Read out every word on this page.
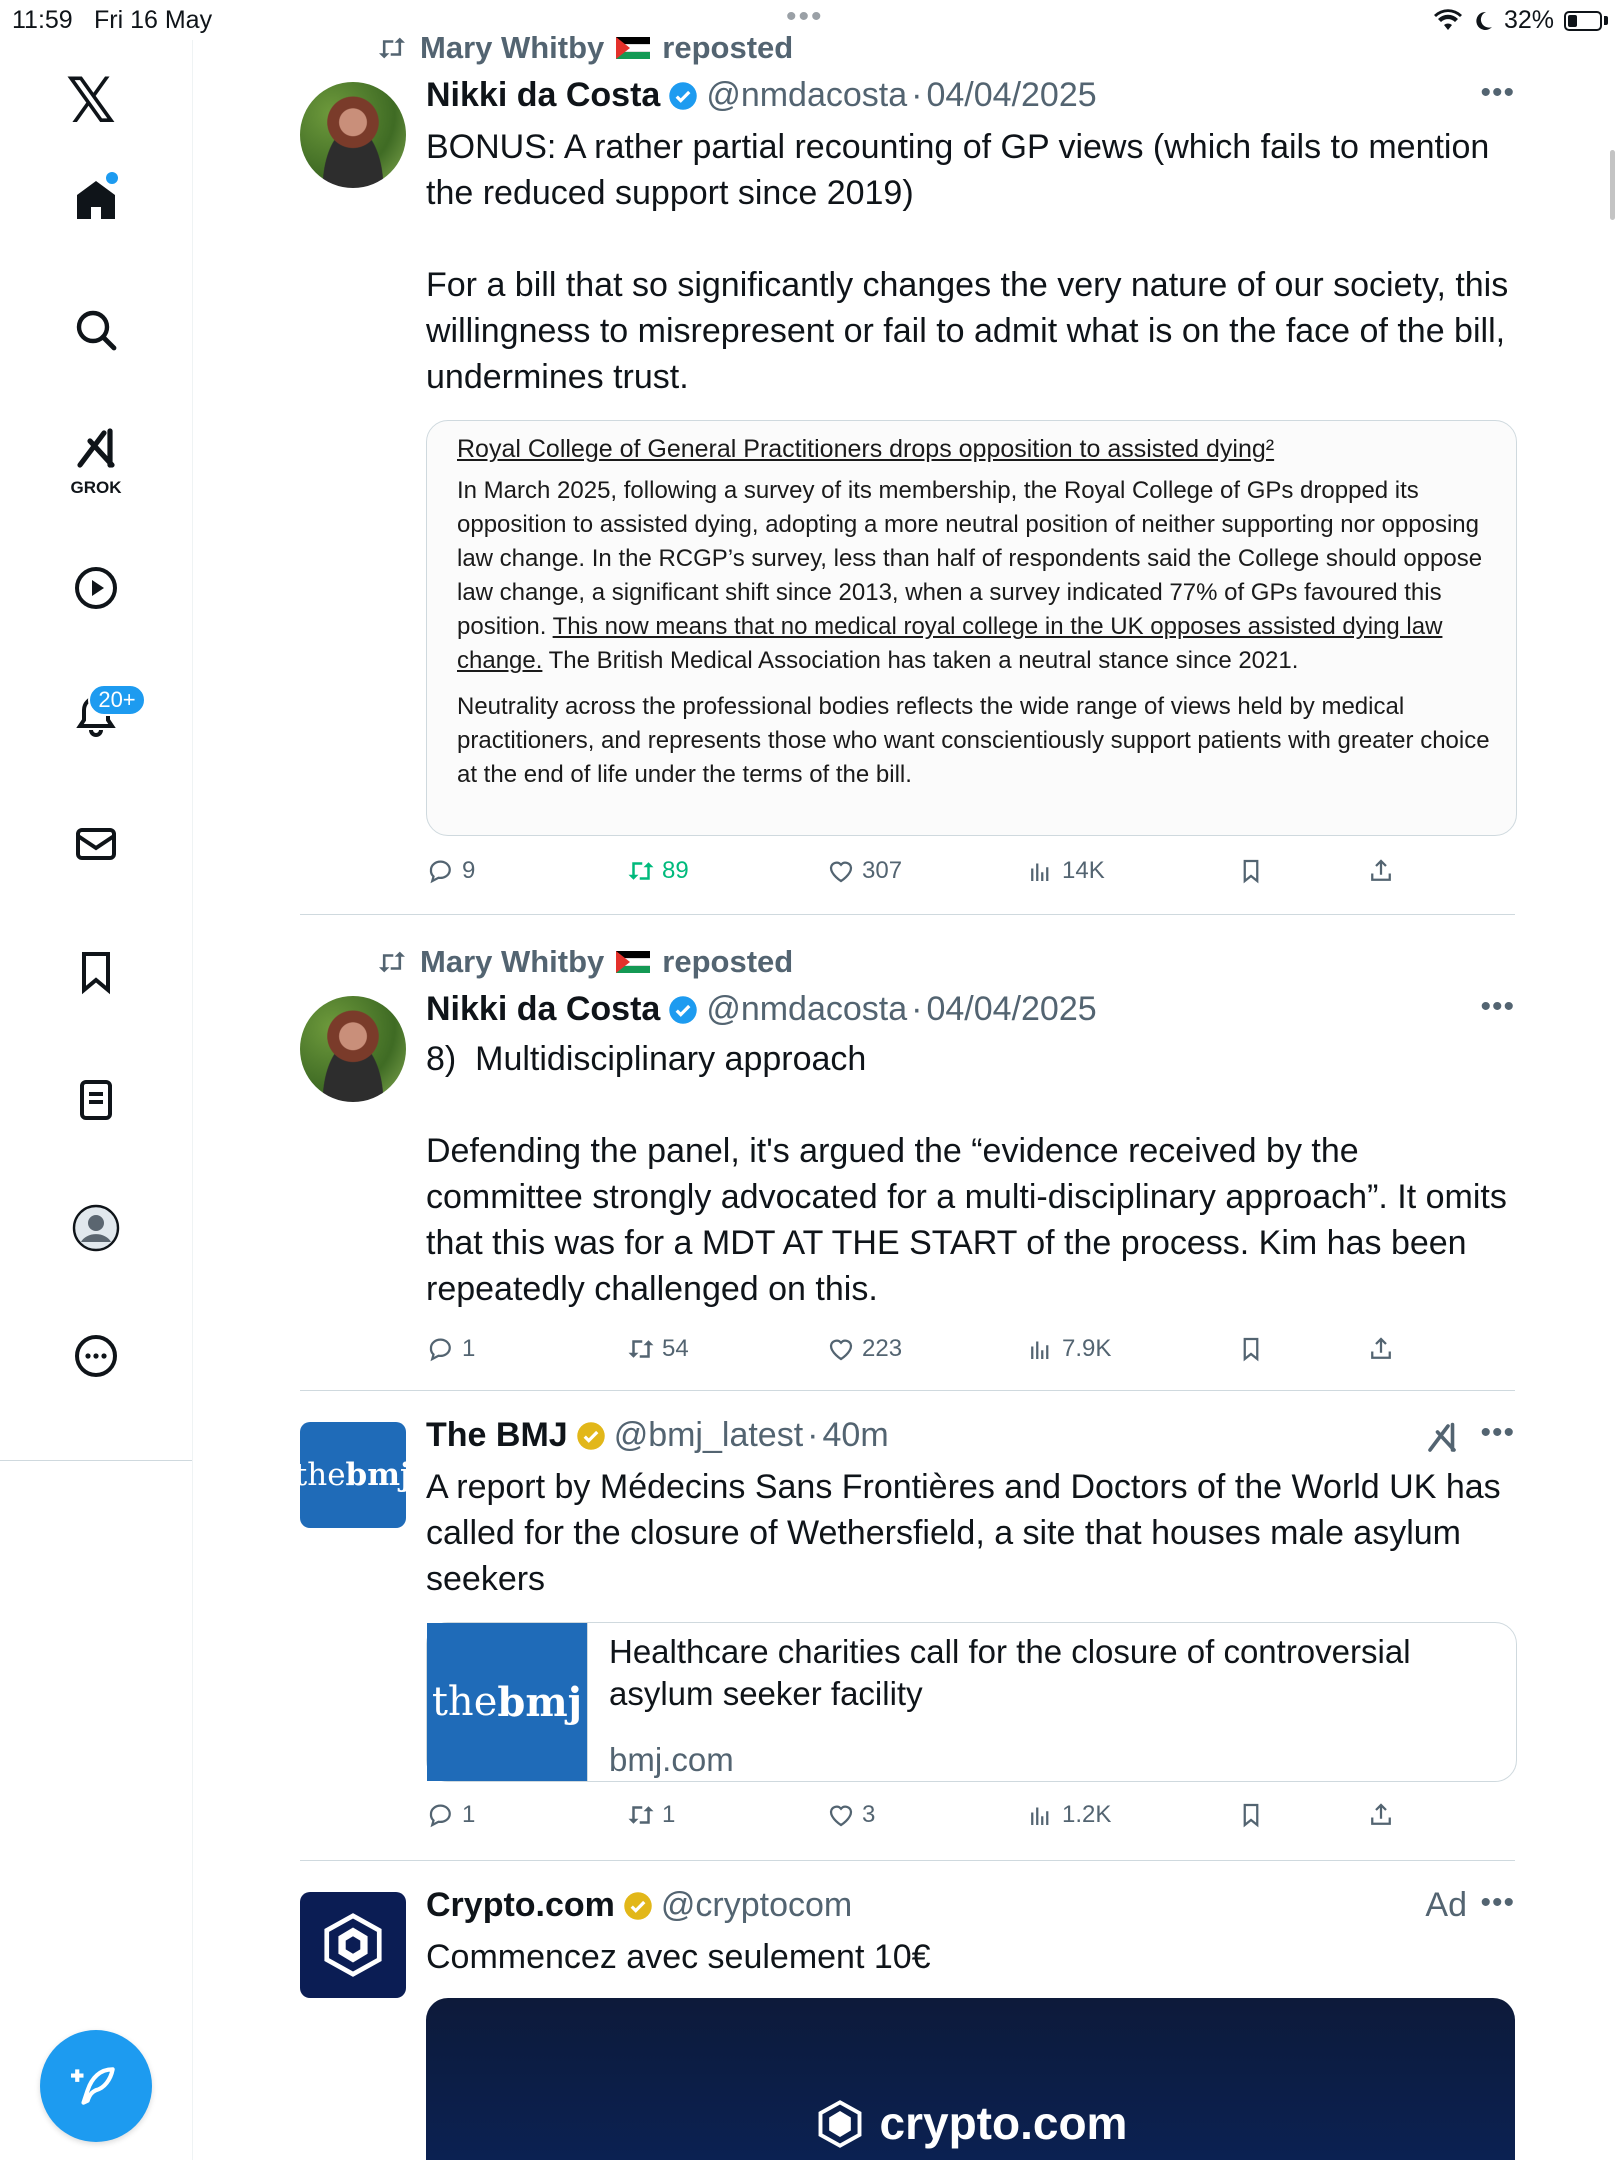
11:59 Fri 16 May	•••	32%
𝕏
GROK
20+
Mary Whitby reposted
Nikki da Costa @nmdacosta · 04/04/2025	•••
BONUS: A rather partial recounting of GP views (which fails to mention the reduced support since 2019)

For a bill that so significantly changes the very nature of our society, this willingness to misrepresent or fail to admit what is on the face of the bill, undermines trust.
Royal College of General Practitioners drops opposition to assisted dying²
In March 2025, following a survey of its membership, the Royal College of GPs dropped its opposition to assisted dying, adopting a more neutral position of neither supporting nor opposing law change. In the RCGP’s survey, less than half of respondents said the College should oppose law change, a significant shift since 2013, when a survey indicated 77% of GPs favoured this position. This now means that no medical royal college in the UK opposes assisted dying law change. The British Medical Association has taken a neutral stance since 2021.
Neutrality across the professional bodies reflects the wide range of views held by medical practitioners, and represents those who want conscientiously support patients with greater choice at the end of life under the terms of the bill.
9	89	307	14K
Mary Whitby reposted
Nikki da Costa @nmdacosta · 04/04/2025	•••
8)  Multidisciplinary approach

Defending the panel, it's argued the “evidence received by the committee strongly advocated for a multi-disciplinary approach”. It omits that this was for a MDT AT THE START of the process. Kim has been repeatedly challenged on this.
1	54	223	7.9K
the bmj
The BMJ @bmj_latest · 40m	•••
A report by Médecins Sans Frontières and Doctors of the World UK has called for the closure of Wethersfield, a site that houses male asylum seekers
the bmj
Healthcare charities call for the closure of controversial asylum seeker facility
bmj.com
1	1	3	1.2K
Crypto.com @cryptocom	Ad •••
Commencez avec seulement 10€
crypto.com
